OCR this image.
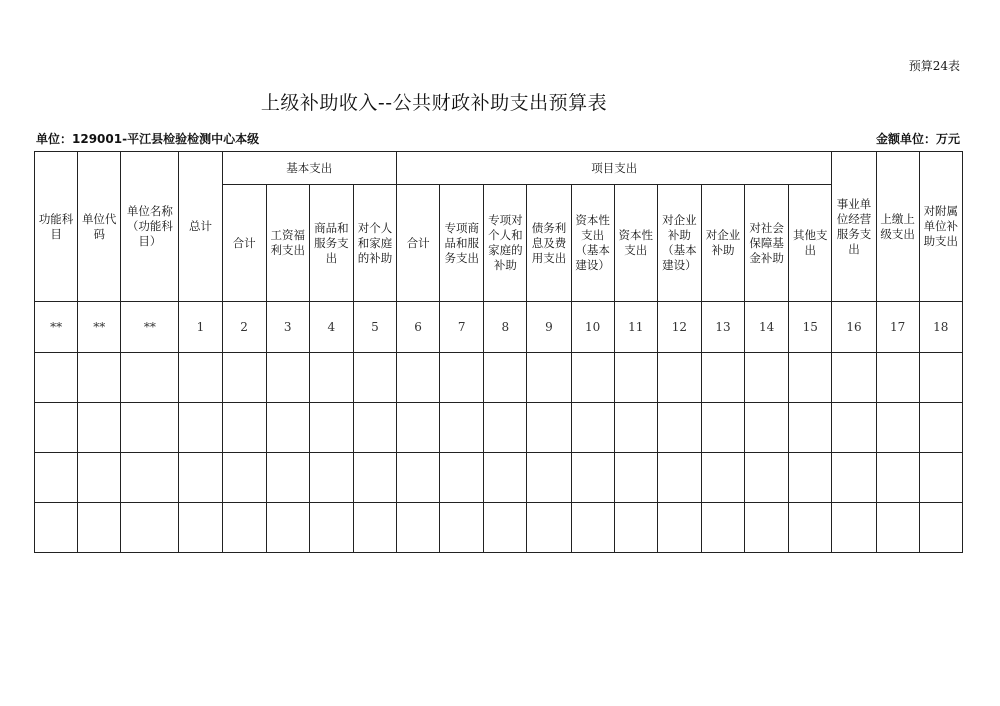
预算24表
上级补助收入--公共财政补助支出预算表
单位：129001-平江县检验检测中心本级	金额单位：万元
功能科目	单位代码	单位名称（功能科目）	总计	基本支出				项目支出										事业单位经营服务支出	上缴上级支出	对附属单位补助支出
				合计	工资福利支出	商品和服务支出	对个人和家庭的补助	合计	专项商品和服务支出	专项对个人和家庭的补助	债务利息及费用支出	资本性支出（基本建设）	资本性支出	对企业补助（基本建设）	对企业补助	对社会保障基金补助	其他支出			
**	**	**	1	2	3	4	5	6	7	8	9	10	11	12	13	14	15	16	17	18
